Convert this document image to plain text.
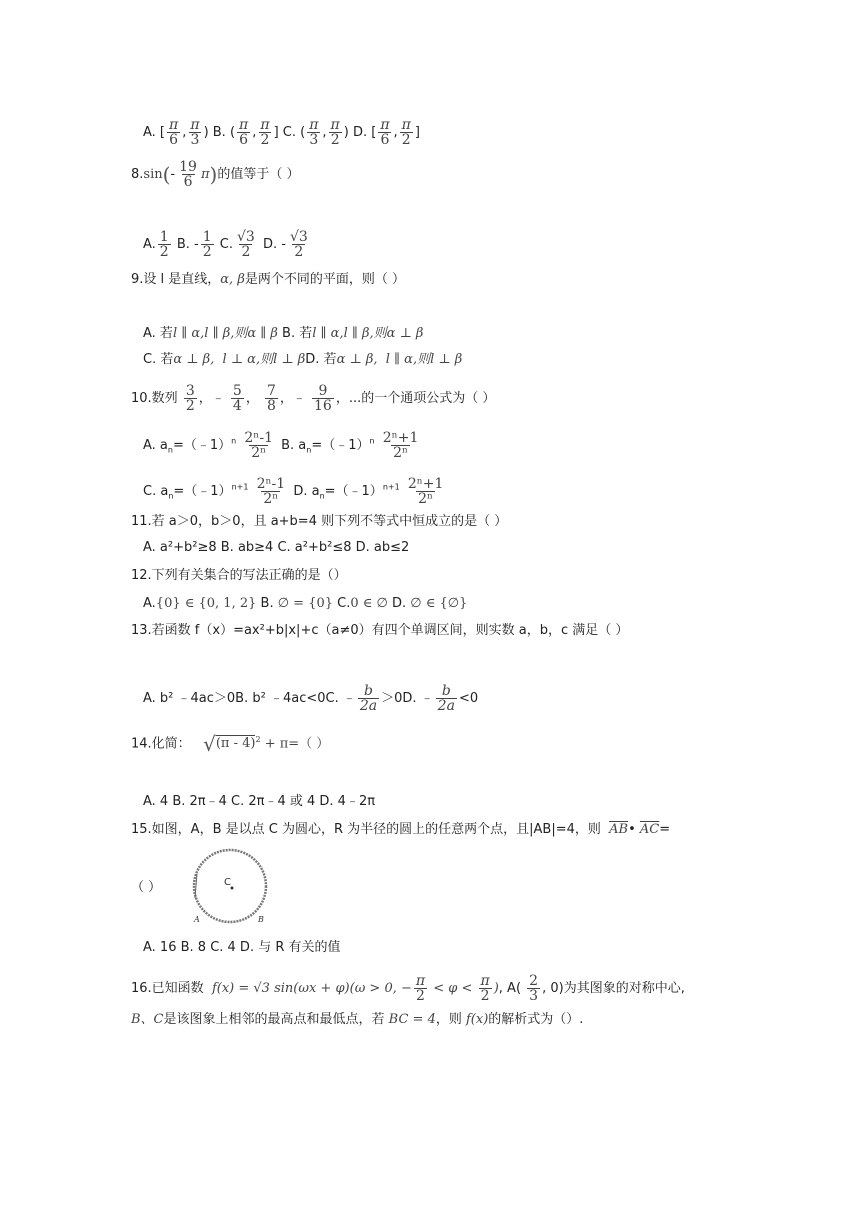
A. [ $\frac{\pi}{6}$ , $\frac{\pi}{3}$ ) B. ( $\frac{\pi}{6}$ , $\frac{\pi}{2}$ ] C. ( $\frac{\pi}{3}$ , $\frac{\pi}{2}$ ) D. [ $\frac{\pi}{6}$ , $\frac{\pi}{2}$ ]
$8.\sin(- \frac{19}{6} \pi)$的值等于（ ）
A. $\frac{1}{2} B$. - $\frac{1}{2} C$. $\frac{√3}{2} D$. - $\frac{√3}{2}$
9.设 l 是直线，α, β是两个不同的平面，则（ ）
A. 若l ∥ α,l ∥ β,则α ∥ β B. 若l ∥ α,l ∥ β,则α ⊥ β
C. 若α ⊥ β, l ⊥ α,则l ⊥ βD. 若α ⊥ β, l ∥ α,则l ⊥ β
10.数列 $\frac{3}{2}$ ，﹣ $\frac{5}{4}$ ， $\frac{7}{8}$ ，﹣ $\frac{9}{16}$ ，...的一个通项公式为（ ）
A. $a_n=(﹣1)^n \frac{\text{2ⁿ-1}}{\text{2ⁿ}} B$. $a_n=(﹣1)^n \frac{\text{2ⁿ+1}}{\text{2ⁿ}}$
C. $a_n=(﹣1)^{n+1} \frac{\text{2ⁿ-1}}{\text{2ⁿ}} D$. $a_n=(﹣1)^{n+1} \frac{\text{2ⁿ+1}}{\text{2ⁿ}}$
11.若 a＞0，b＞0，且 a+b=4 则下列不等式中恒成立的是（ ）
A. a²+b²≥8 B. ab≥4 C. a²+b²≤8 D. ab≤2
12.下列有关集合的写法正确的是（）
A.{0} ∈ {0, 1, 2} B. ∅ = {0} C.0 ∈ ∅ D. ∅ ∈ {∅}
13.若函数 f（x）=ax²+b|x|+c（a≠0）有四个单调区间，则实数 a，b，c 满足（ ）
A. b² ﹣4ac＞0B. b² ﹣4ac<0C. ﹣ $\frac{b}{2a} >0D$. ﹣ $\frac{b}{2a} <0$
14.化简： √(π - 4)$^2$ + π=（ ）
A. 4 B. 2π﹣4 C. 2π﹣4 或 4 D. 4﹣2π
15.如图，A，B 是以点 C 为圆心，R 为半径的圆上的任意两个点，且|AB|=4，则 $\overline{AB}•$ $\overline{AC}=$
（ ）	C
A	B
A. 16 B. 8 C. 4 D. 与 R 有关的值
16.已知函数 f(x) = √3 sin(ωx + φ)(ω > 0, − $\frac{\pi}{2} < \varphi < \frac{\pi}{2}$ ), $A( \frac{2}{3}$ , 0)为其图象的对称中心,
B、C是该图象上相邻的最高点和最低点，若 BC = 4，则 f(x)的解析式为（）.
